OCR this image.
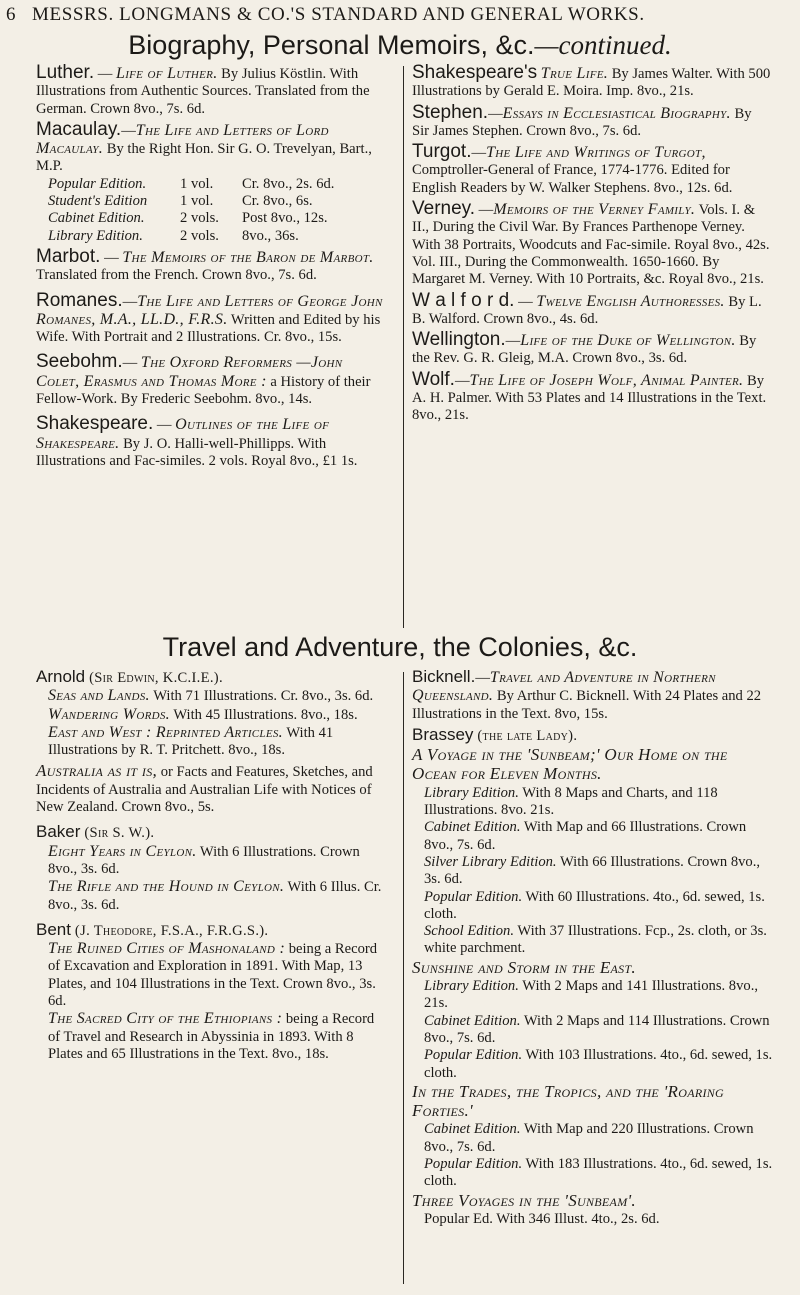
6 MESSRS. LONGMANS & CO.'S STANDARD AND GENERAL WORKS.
Biography, Personal Memoirs, &c.—continued.
Luther. — Life of Luther. By Julius Köstlin. With Illustrations from Authentic Sources. Translated from the German. Crown 8vo., 7s. 6d.
Macaulay.—The Life and Letters of Lord Macaulay. By the Right Hon. Sir G. O. Trevelyan, Bart., M.P.
Popular Edition.	1 vol.	Cr. 8vo., 2s. 6d.
Student's Edition	1 vol.	Cr. 8vo., 6s.
Cabinet Edition.	2 vols.	Post 8vo., 12s.
Library Edition.	2 vols.	8vo., 36s.
Marbot. — The Memoirs of the Baron de Marbot. Translated from the French. Crown 8vo., 7s. 6d.
Romanes.—The Life and Letters of George John Romanes, M.A., LL.D., F.R.S. Written and Edited by his Wife. With Portrait and 2 Illustrations. Cr. 8vo., 15s.
Seebohm.— The Oxford Reformers —John Colet, Erasmus and Thomas More : a History of their Fellow-Work. By Frederic Seebohm. 8vo., 14s.
Shakespeare. — Outlines of the Life of Shakespeare. By J. O. Halli-well-Phillipps. With Illustrations and Fac-similes. 2 vols. Royal 8vo., £1 1s.
Shakespeare's True Life. By James Walter. With 500 Illustrations by Gerald E. Moira. Imp. 8vo., 21s.
Stephen.—Essays in Ecclesiastical Biography. By Sir James Stephen. Crown 8vo., 7s. 6d.
Turgot.—The Life and Writings of Turgot, Comptroller-General of France, 1774-1776. Edited for English Readers by W. Walker Stephens. 8vo., 12s. 6d.
Verney. —Memoirs of the Verney Family. Vols. I. & II., During the Civil War. By Frances Parthenope Verney. With 38 Portraits, Woodcuts and Fac-simile. Royal 8vo., 42s. Vol. III., During the Commonwealth. 1650-1660. By Margaret M. Verney. With 10 Portraits, &c. Royal 8vo., 21s.
W a l f o r d. — Twelve English Authoresses. By L. B. Walford. Crown 8vo., 4s. 6d.
Wellington.—Life of the Duke of Wellington. By the Rev. G. R. Gleig, M.A. Crown 8vo., 3s. 6d.
Wolf.—The Life of Joseph Wolf, Animal Painter. By A. H. Palmer. With 53 Plates and 14 Illustrations in the Text. 8vo., 21s.
Travel and Adventure, the Colonies, &c.
Arnold (Sir Edwin, K.C.I.E.).
Seas and Lands. With 71 Illustrations. Cr. 8vo., 3s. 6d.
Wandering Words. With 45 Illustrations. 8vo., 18s.
East and West : Reprinted Articles. With 41 Illustrations by R. T. Pritchett. 8vo., 18s.
Australia as it is, or Facts and Features, Sketches, and Incidents of Australia and Australian Life with Notices of New Zealand. Crown 8vo., 5s.
Baker (Sir S. W.).
Eight Years in Ceylon. With 6 Illustrations. Crown 8vo., 3s. 6d.
The Rifle and the Hound in Ceylon. With 6 Illus. Cr. 8vo., 3s. 6d.
Bent (J. Theodore, F.S.A., F.R.G.S.).
The Ruined Cities of Mashonaland : being a Record of Excavation and Exploration in 1891. With Map, 13 Plates, and 104 Illustrations in the Text. Crown 8vo., 3s. 6d.
The Sacred City of the Ethiopians : being a Record of Travel and Research in Abyssinia in 1893. With 8 Plates and 65 Illustrations in the Text. 8vo., 18s.
Bicknell.—Travel and Adventure in Northern Queensland. By Arthur C. Bicknell. With 24 Plates and 22 Illustrations in the Text. 8vo, 15s.
Brassey (the late Lady).
A Voyage in the 'Sunbeam;' Our Home on the Ocean for Eleven Months.
Library Edition. With 8 Maps and Charts, and 118 Illustrations. 8vo. 21s.
Cabinet Edition. With Map and 66 Illustrations. Crown 8vo., 7s. 6d.
Silver Library Edition. With 66 Illustrations. Crown 8vo., 3s. 6d.
Popular Edition. With 60 Illustrations. 4to., 6d. sewed, 1s. cloth.
School Edition. With 37 Illustrations. Fcp., 2s. cloth, or 3s. white parchment.
Sunshine and Storm in the East.
Library Edition. With 2 Maps and 141 Illustrations. 8vo., 21s.
Cabinet Edition. With 2 Maps and 114 Illustrations. Crown 8vo., 7s. 6d.
Popular Edition. With 103 Illustrations. 4to., 6d. sewed, 1s. cloth.
In the Trades, the Tropics, and the 'Roaring Forties.'
Cabinet Edition. With Map and 220 Illustrations. Crown 8vo., 7s. 6d.
Popular Edition. With 183 Illustrations. 4to., 6d. sewed, 1s. cloth.
Three Voyages in the 'Sunbeam'.
Popular Ed. With 346 Illust. 4to., 2s. 6d.
